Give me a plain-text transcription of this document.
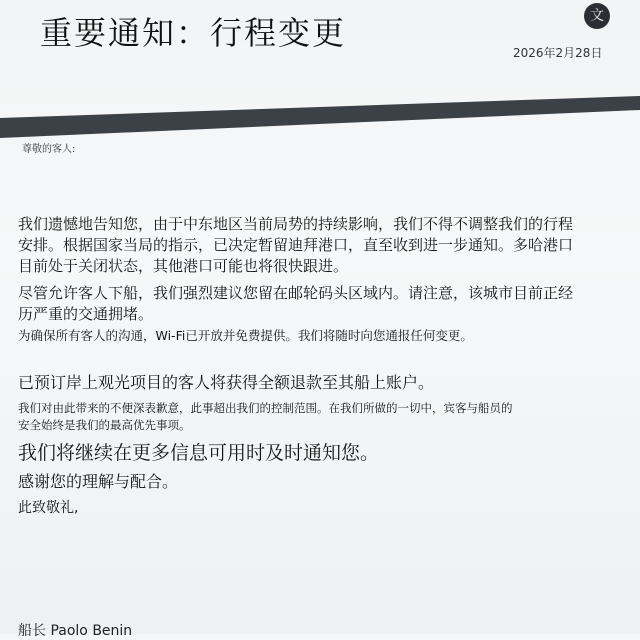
重要通知：行程变更	文
2026年2月28日
尊敬的客人:
我们遗憾地告知您，由于中东地区当前局势的持续影响，我们不得不调整我们的行程
安排。根据国家当局的指示，已决定暂留迪拜港口，直至收到进一步通知。多哈港口
目前处于关闭状态，其他港口可能也将很快跟进。
尽管允许客人下船，我们强烈建议您留在邮轮码头区域内。请注意，该城市目前正经
历严重的交通拥堵。
为确保所有客人的沟通，Wi-Fi已开放并免费提供。我们将随时向您通报任何变更。
已预订岸上观光项目的客人将获得全额退款至其船上账户。
我们对由此带来的不便深表歉意，此事超出我们的控制范围。在我们所做的一切中，宾客与船员的
安全始终是我们的最高优先事项。
我们将继续在更多信息可用时及时通知您。
感谢您的理解与配合。
此致敬礼,
船长 Paolo Benin
